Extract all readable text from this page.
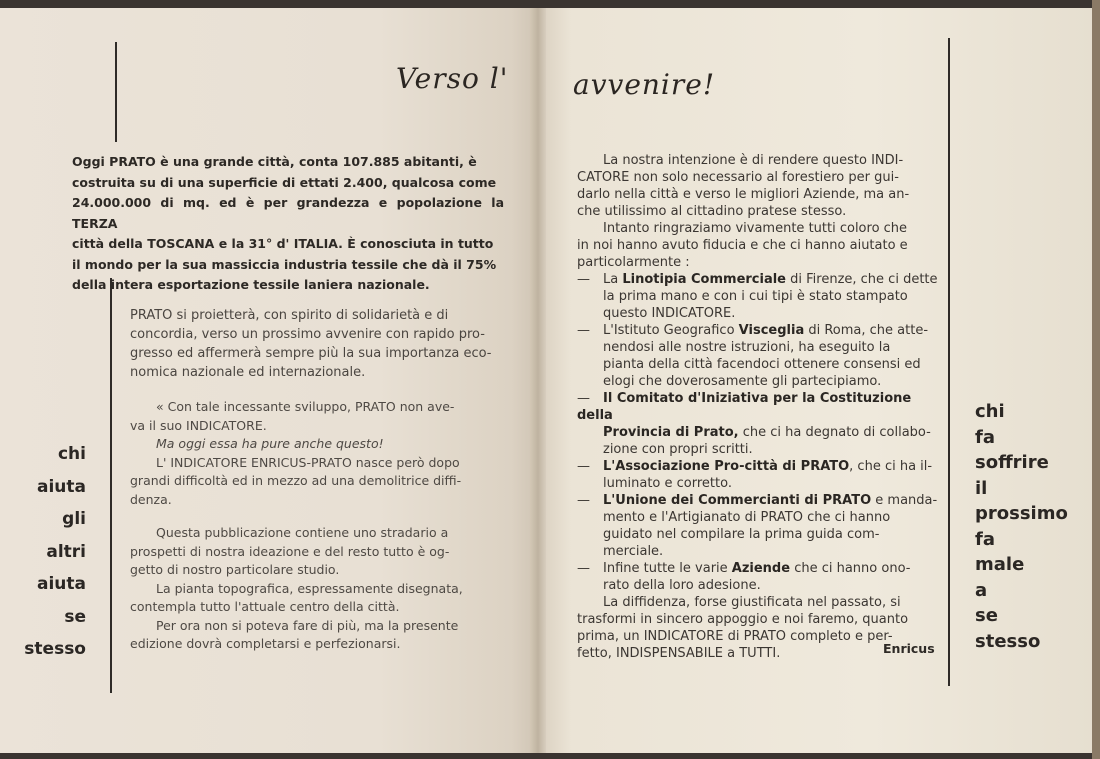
Verso l'
Oggi PRATO è una grande città, conta 107.885 abitanti, è
costruita su di una superficie di ettati 2.400, qualcosa come
24.000.000 di mq. ed è per grandezza e popolazione la TERZA
città della TOSCANA e la 31° d' ITALIA. È conosciuta in tutto
il mondo per la sua massiccia industria tessile che dà il 75%
della intera esportazione tessile laniera nazionale.
PRATO si proietterà, con spirito di solidarietà e di
concordia, verso un prossimo avvenire con rapido pro-
gresso ed affermerà sempre più la sua importanza eco-
nomica nazionale ed internazionale.
« Con tale incessante sviluppo, PRATO non ave-
va il suo INDICATORE.
Ma oggi essa ha pure anche questo!
L' INDICATORE ENRICUS-PRATO nasce però dopo
grandi difficoltà ed in mezzo ad una demolitrice diffi-
denza.
Questa pubblicazione contiene uno stradario a
prospetti di nostra ideazione e del resto tutto è og-
getto di nostro particolare studio.
La pianta topografica, espressamente disegnata,
contempla tutto l'attuale centro della città.
Per ora non si poteva fare di più, ma la presente
edizione dovrà completarsi e perfezionarsi.
chi
aiuta
gli
altri
aiuta
se
stesso
avvenire!
La nostra intenzione è di rendere questo INDI-
CATORE non solo necessario al forestiero per gui-
darlo nella città e verso le migliori Aziende, ma an-
che utilissimo al cittadino pratese stesso.
Intanto ringraziamo vivamente tutti coloro che
in noi hanno avuto fiducia e che ci hanno aiutato e
particolarmente :
— La Linotipia Commerciale di Firenze, che ci dette
la prima mano e con i cui tipi è stato stampato
questo INDICATORE.
— L'Istituto Geografico Visceglia di Roma, che atte-
nendosi alle nostre istruzioni, ha eseguito la
pianta della città facendoci ottenere consensi ed
elogi che doverosamente gli partecipiamo.
— Il Comitato d'Iniziativa per la Costituzione della
Provincia di Prato, che ci ha degnato di collabo-
zione con propri scritti.
— L'Associazione Pro-città di PRATO, che ci ha il-
luminato e corretto.
— L'Unione dei Commercianti di PRATO e manda-
mento e l'Artigianato di PRATO che ci hanno
guidato nel compilare la prima guida com-
merciale.
— Infine tutte le varie Aziende che ci hanno ono-
rato della loro adesione.
La diffidenza, forse giustificata nel passato, si
trasformi in sincero appoggio e noi faremo, quanto
prima, un INDICATORE di PRATO completo e per-
fetto, INDISPENSABILE a TUTTI.	Enricus
chi
fa
soffrire
il
prossimo
fa
male
a
se
stesso
